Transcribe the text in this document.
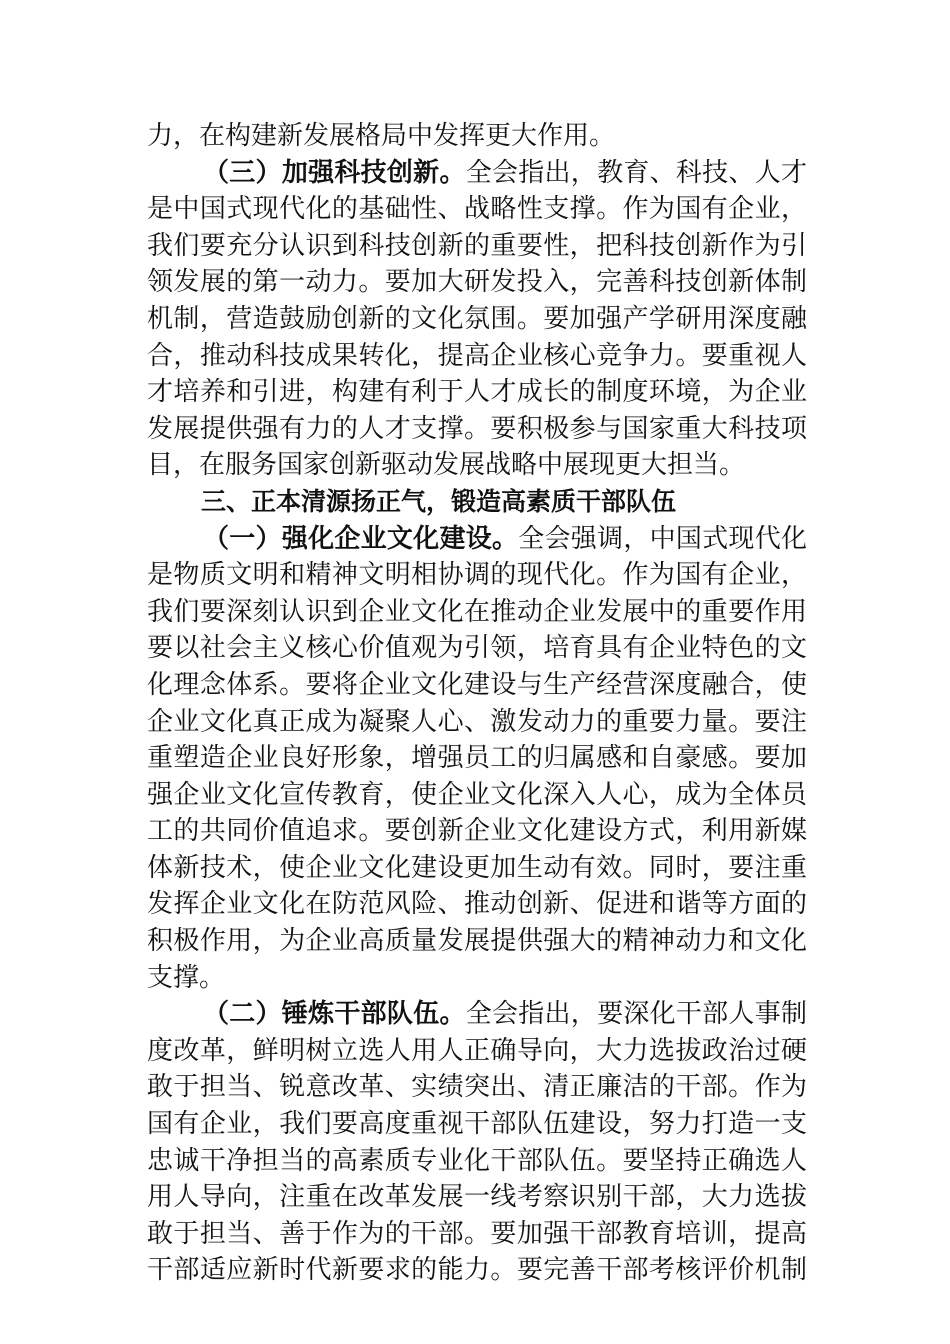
力，在构建新发展格局中发挥更大作用。
（三）加强科技创新。全会指出，教育、科技、人才
是中国式现代化的基础性、战略性支撑。作为国有企业，
我们要充分认识到科技创新的重要性，把科技创新作为引
领发展的第一动力。要加大研发投入，完善科技创新体制
机制，营造鼓励创新的文化氛围。要加强产学研用深度融
合，推动科技成果转化，提高企业核心竞争力。要重视人
才培养和引进，构建有利于人才成长的制度环境，为企业
发展提供强有力的人才支撑。要积极参与国家重大科技项
目，在服务国家创新驱动发展战略中展现更大担当。
三、正本清源扬正气，锻造高素质干部队伍
（一）强化企业文化建设。全会强调，中国式现代化
是物质文明和精神文明相协调的现代化。作为国有企业，
我们要深刻认识到企业文化在推动企业发展中的重要作用
要以社会主义核心价值观为引领，培育具有企业特色的文
化理念体系。要将企业文化建设与生产经营深度融合，使
企业文化真正成为凝聚人心、激发动力的重要力量。要注
重塑造企业良好形象，增强员工的归属感和自豪感。要加
强企业文化宣传教育，使企业文化深入人心，成为全体员
工的共同价值追求。要创新企业文化建设方式，利用新媒
体新技术，使企业文化建设更加生动有效。同时，要注重
发挥企业文化在防范风险、推动创新、促进和谐等方面的
积极作用，为企业高质量发展提供强大的精神动力和文化
支撑。
（二）锤炼干部队伍。全会指出，要深化干部人事制
度改革，鲜明树立选人用人正确导向，大力选拔政治过硬
敢于担当、锐意改革、实绩突出、清正廉洁的干部。作为
国有企业，我们要高度重视干部队伍建设，努力打造一支
忠诚干净担当的高素质专业化干部队伍。要坚持正确选人
用人导向，注重在改革发展一线考察识别干部，大力选拔
敢于担当、善于作为的干部。要加强干部教育培训，提高
干部适应新时代新要求的能力。要完善干部考核评价机制
